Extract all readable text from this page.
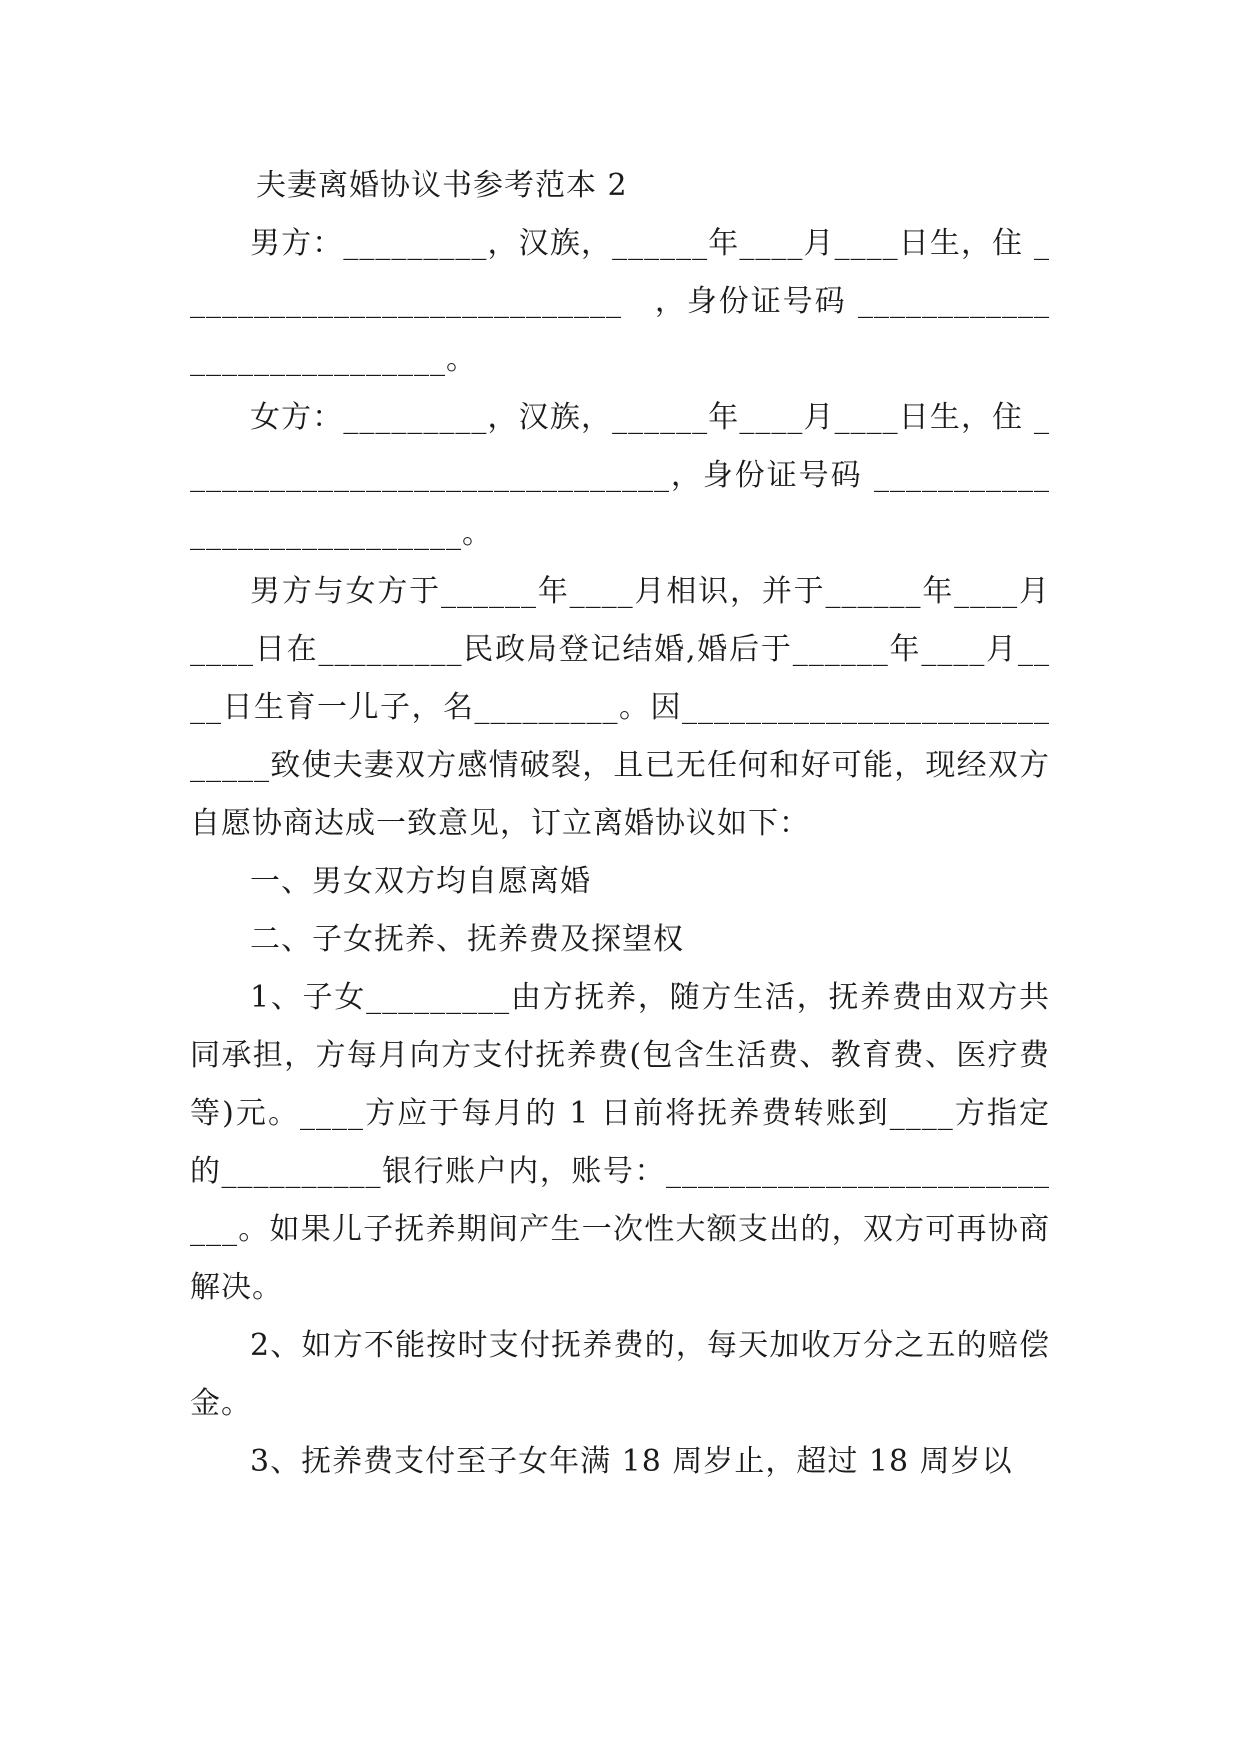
夫妻离婚协议书参考范本 2

男方：_________，汉族，______年____月____日生，住 ____________________________　，身份证号码 ____________________________。

女方：_________，汉族，______年____月____日生，住 _______________________________，身份证号码 ____________________________。

男方与女方于______年____月相识，并于______年____月____日在_________民政局登记结婚,婚后于______年____月____日生育一儿子，名_________。因____________________________致使夫妻双方感情破裂，且已无任何和好可能，现经双方自愿协商达成一致意见，订立离婚协议如下：

一、男女双方均自愿离婚

二、子女抚养、抚养费及探望权

1、子女_________由方抚养，随方生活，抚养费由双方共同承担，方每月向方支付抚养费(包含生活费、教育费、医疗费等)元。____方应于每月的 1 日前将抚养费转账到____方指定的__________银行账户内，账号：___________________________。如果儿子抚养期间产生一次性大额支出的，双方可再协商解决。

2、如方不能按时支付抚养费的，每天加收万分之五的赔偿金。

3、抚养费支付至子女年满 18 周岁止，超过 18 周岁以
